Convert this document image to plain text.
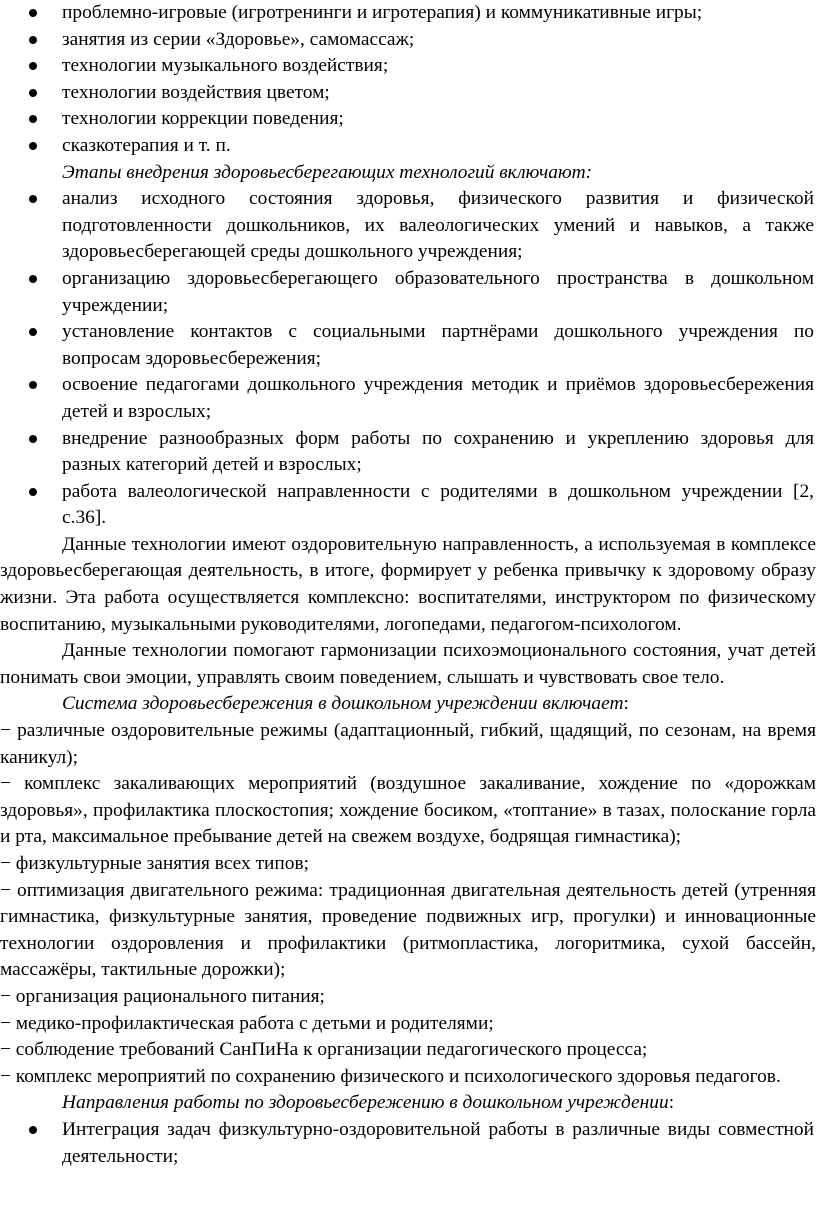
проблемно-игровые (игротренинги и игротерапия) и коммуникативные игры;
занятия из серии «Здоровье», самомассаж;
технологии музыкального воздействия;
технологии воздействия цветом;
технологии коррекции поведения;
сказкотерапия и т. п.

Этапы внедрения здоровьесберегающих технологий включают:

анализ исходного состояния здоровья, физического развития и физической подготовленности дошкольников, их валеологических умений и навыков, а также здоровьесберегающей среды дошкольного учреждения;
организацию здоровьесберегающего образовательного пространства в дошкольном учреждении;
установление контактов с социальными партнёрами дошкольного учреждения по вопросам здоровьесбережения;
освоение педагогами дошкольного учреждения методик и приёмов здоровьесбережения детей и взрослых;
внедрение разнообразных форм работы по сохранению и укреплению здоровья для разных категорий детей и взрослых;
работа валеологической направленности с родителями в дошкольном учреждении [2, с.36].

Данные технологии имеют оздоровительную направленность, а используемая в комплексе здоровьесберегающая деятельность, в итоге, формирует у ребенка привычку к здоровому образу жизни. Эта работа осуществляется комплексно: воспитателями, инструктором по физическому воспитанию, музыкальными руководителями, логопедами, педагогом-психологом.

Данные технологии помогают гармонизации психоэмоционального состояния, учат детей понимать свои эмоции, управлять своим поведением, слышать и чувствовать свое тело.

Система здоровьесбережения в дошкольном учреждении включает:

− различные оздоровительные режимы (адаптационный, гибкий, щадящий, по сезонам, на время каникул);

− комплекс закаливающих мероприятий (воздушное закаливание, хождение по «дорожкам здоровья», профилактика плоскостопия; хождение босиком, «топтание» в тазах, полоскание горла и рта, максимальное пребывание детей на свежем воздухе, бодрящая гимнастика);

− физкультурные занятия всех типов;

− оптимизация двигательного режима: традиционная двигательная деятельность детей (утренняя гимнастика, физкультурные занятия, проведение подвижных игр, прогулки) и инновационные технологии оздоровления и профилактики (ритмопластика, логоритмика, сухой бассейн, массажёры, тактильные дорожки);

− организация рационального питания;

− медико-профилактическая работа с детьми и родителями;

− соблюдение требований СанПиНа к организации педагогического процесса;

− комплекс мероприятий по сохранению физического и психологического здоровья педагогов.

Направления работы по здоровьесбережению в дошкольном учреждении:

Интеграция задач физкультурно-оздоровительной работы в различные виды совместной деятельности;
